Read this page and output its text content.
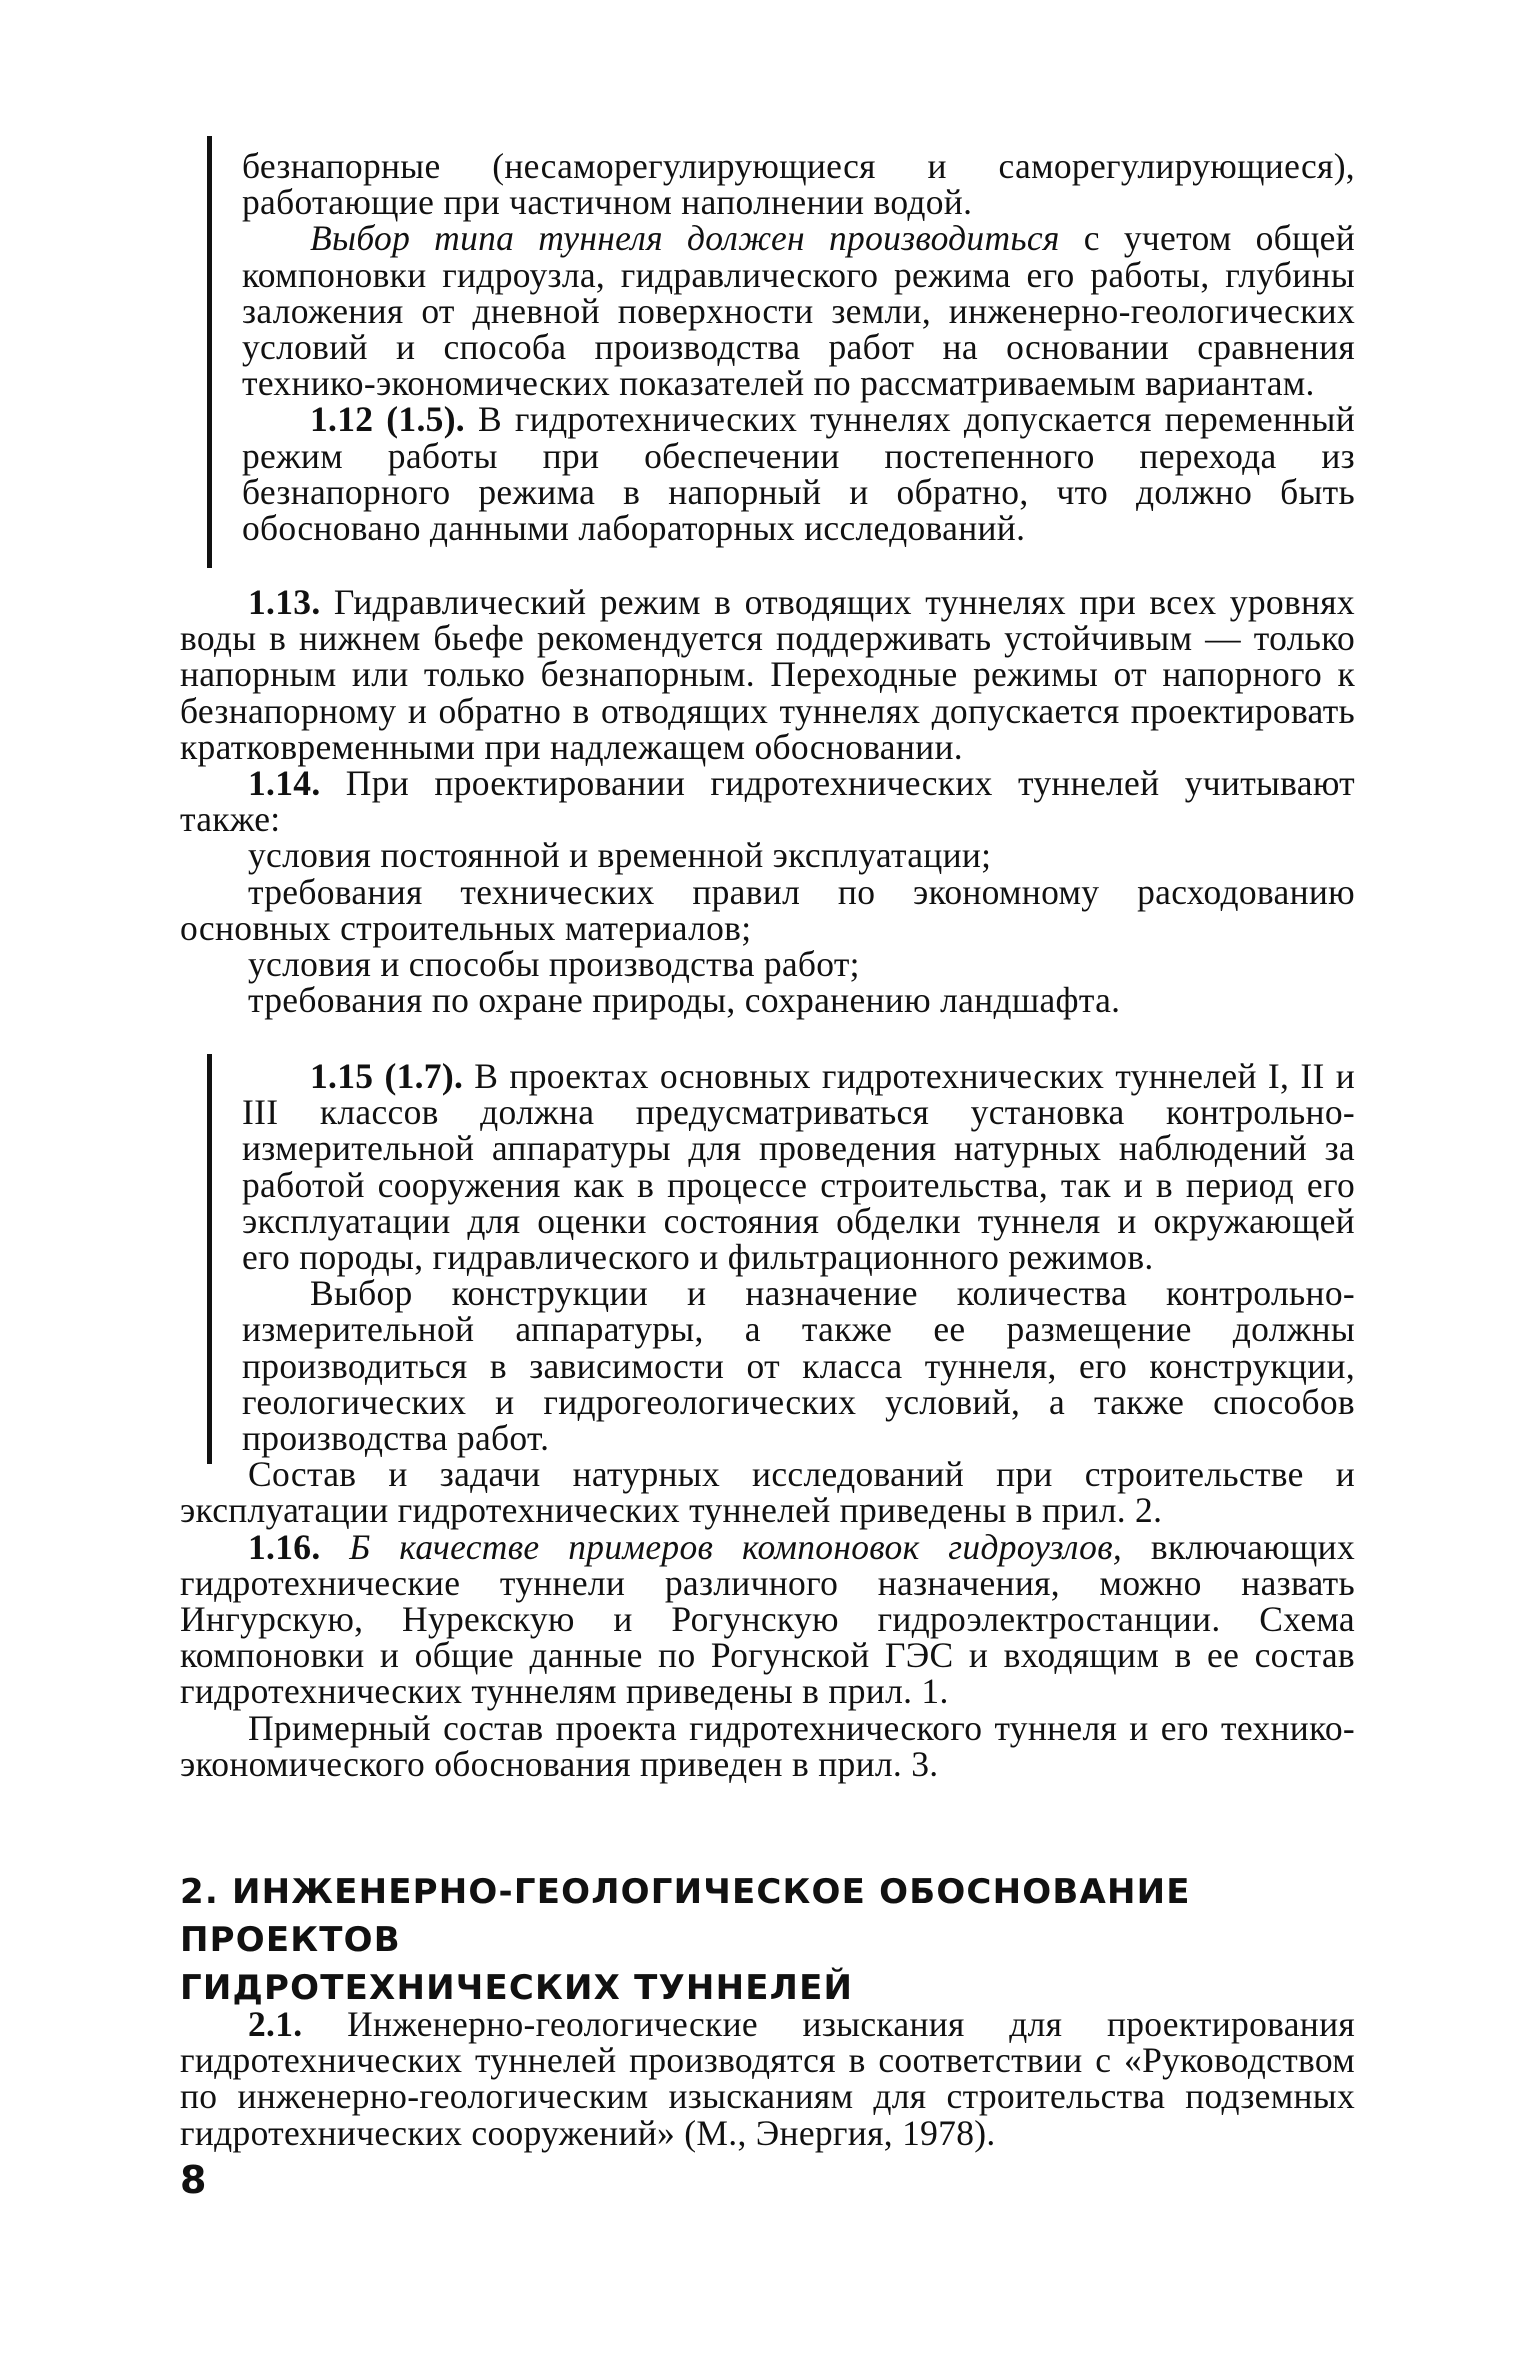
безнапорные (несаморегулирующиеся и саморегулирующиеся), работающие при частичном наполнении водой.

Выбор типа туннеля должен производиться с учетом общей компоновки гидроузла, гидравлического режима его работы, глубины заложения от дневной поверхности земли, инженерно-геологических условий и способа производства работ на основании сравнения технико-экономических показателей по рассматриваемым вариантам.

1.12 (1.5). В гидротехнических туннелях допускается переменный режим работы при обеспечении постепенного перехода из безнапорного режима в напорный и обратно, что должно быть обосновано данными лабораторных исследований.

1.13. Гидравлический режим в отводящих туннелях при всех уровнях воды в нижнем бьефе рекомендуется поддерживать устойчивым — только напорным или только безнапорным. Переходные режимы от напорного к безнапорному и обратно в отводящих туннелях допускается проектировать кратковременными при надлежащем обосновании.

1.14. При проектировании гидротехнических туннелей учитывают также:

условия постоянной и временной эксплуатации;

требования технических правил по экономному расходованию основных строительных материалов;

условия и способы производства работ;

требования по охране природы, сохранению ландшафта.

1.15 (1.7). В проектах основных гидротехнических туннелей I, II и III классов должна предусматриваться установка контрольно-измерительной аппаратуры для проведения натурных наблюдений за работой сооружения как в процессе строительства, так и в период его эксплуатации для оценки состояния обделки туннеля и окружающей его породы, гидравлического и фильтрационного режимов.

Выбор конструкции и назначение количества контрольно-измерительной аппаратуры, а также ее размещение должны производиться в зависимости от класса туннеля, его конструкции, геологических и гидрогеологических условий, а также способов производства работ.

Состав и задачи натурных исследований при строительстве и эксплуатации гидротехнических туннелей приведены в прил. 2.

1.16. Б качестве примеров компоновок гидроузлов, включающих гидротехнические туннели различного назначения, можно назвать Ингурскую, Нурекскую и Рогунскую гидроэлектростанции. Схема компоновки и общие данные по Рогунской ГЭС и входящим в ее состав гидротехнических туннелям приведены в прил. 1.

Примерный состав проекта гидротехнического туннеля и его технико-экономического обоснования приведен в прил. 3.

2. ИНЖЕНЕРНО-ГЕОЛОГИЧЕСКОЕ ОБОСНОВАНИЕ ПРОЕКТОВ
ГИДРОТЕХНИЧЕСКИХ ТУННЕЛЕЙ

2.1. Инженерно-геологические изыскания для проектирования гидротехнических туннелей производятся в соответствии с «Руководством по инженерно-геологическим изысканиям для строительства подземных гидротехнических сооружений» (М., Энергия, 1978).

8
